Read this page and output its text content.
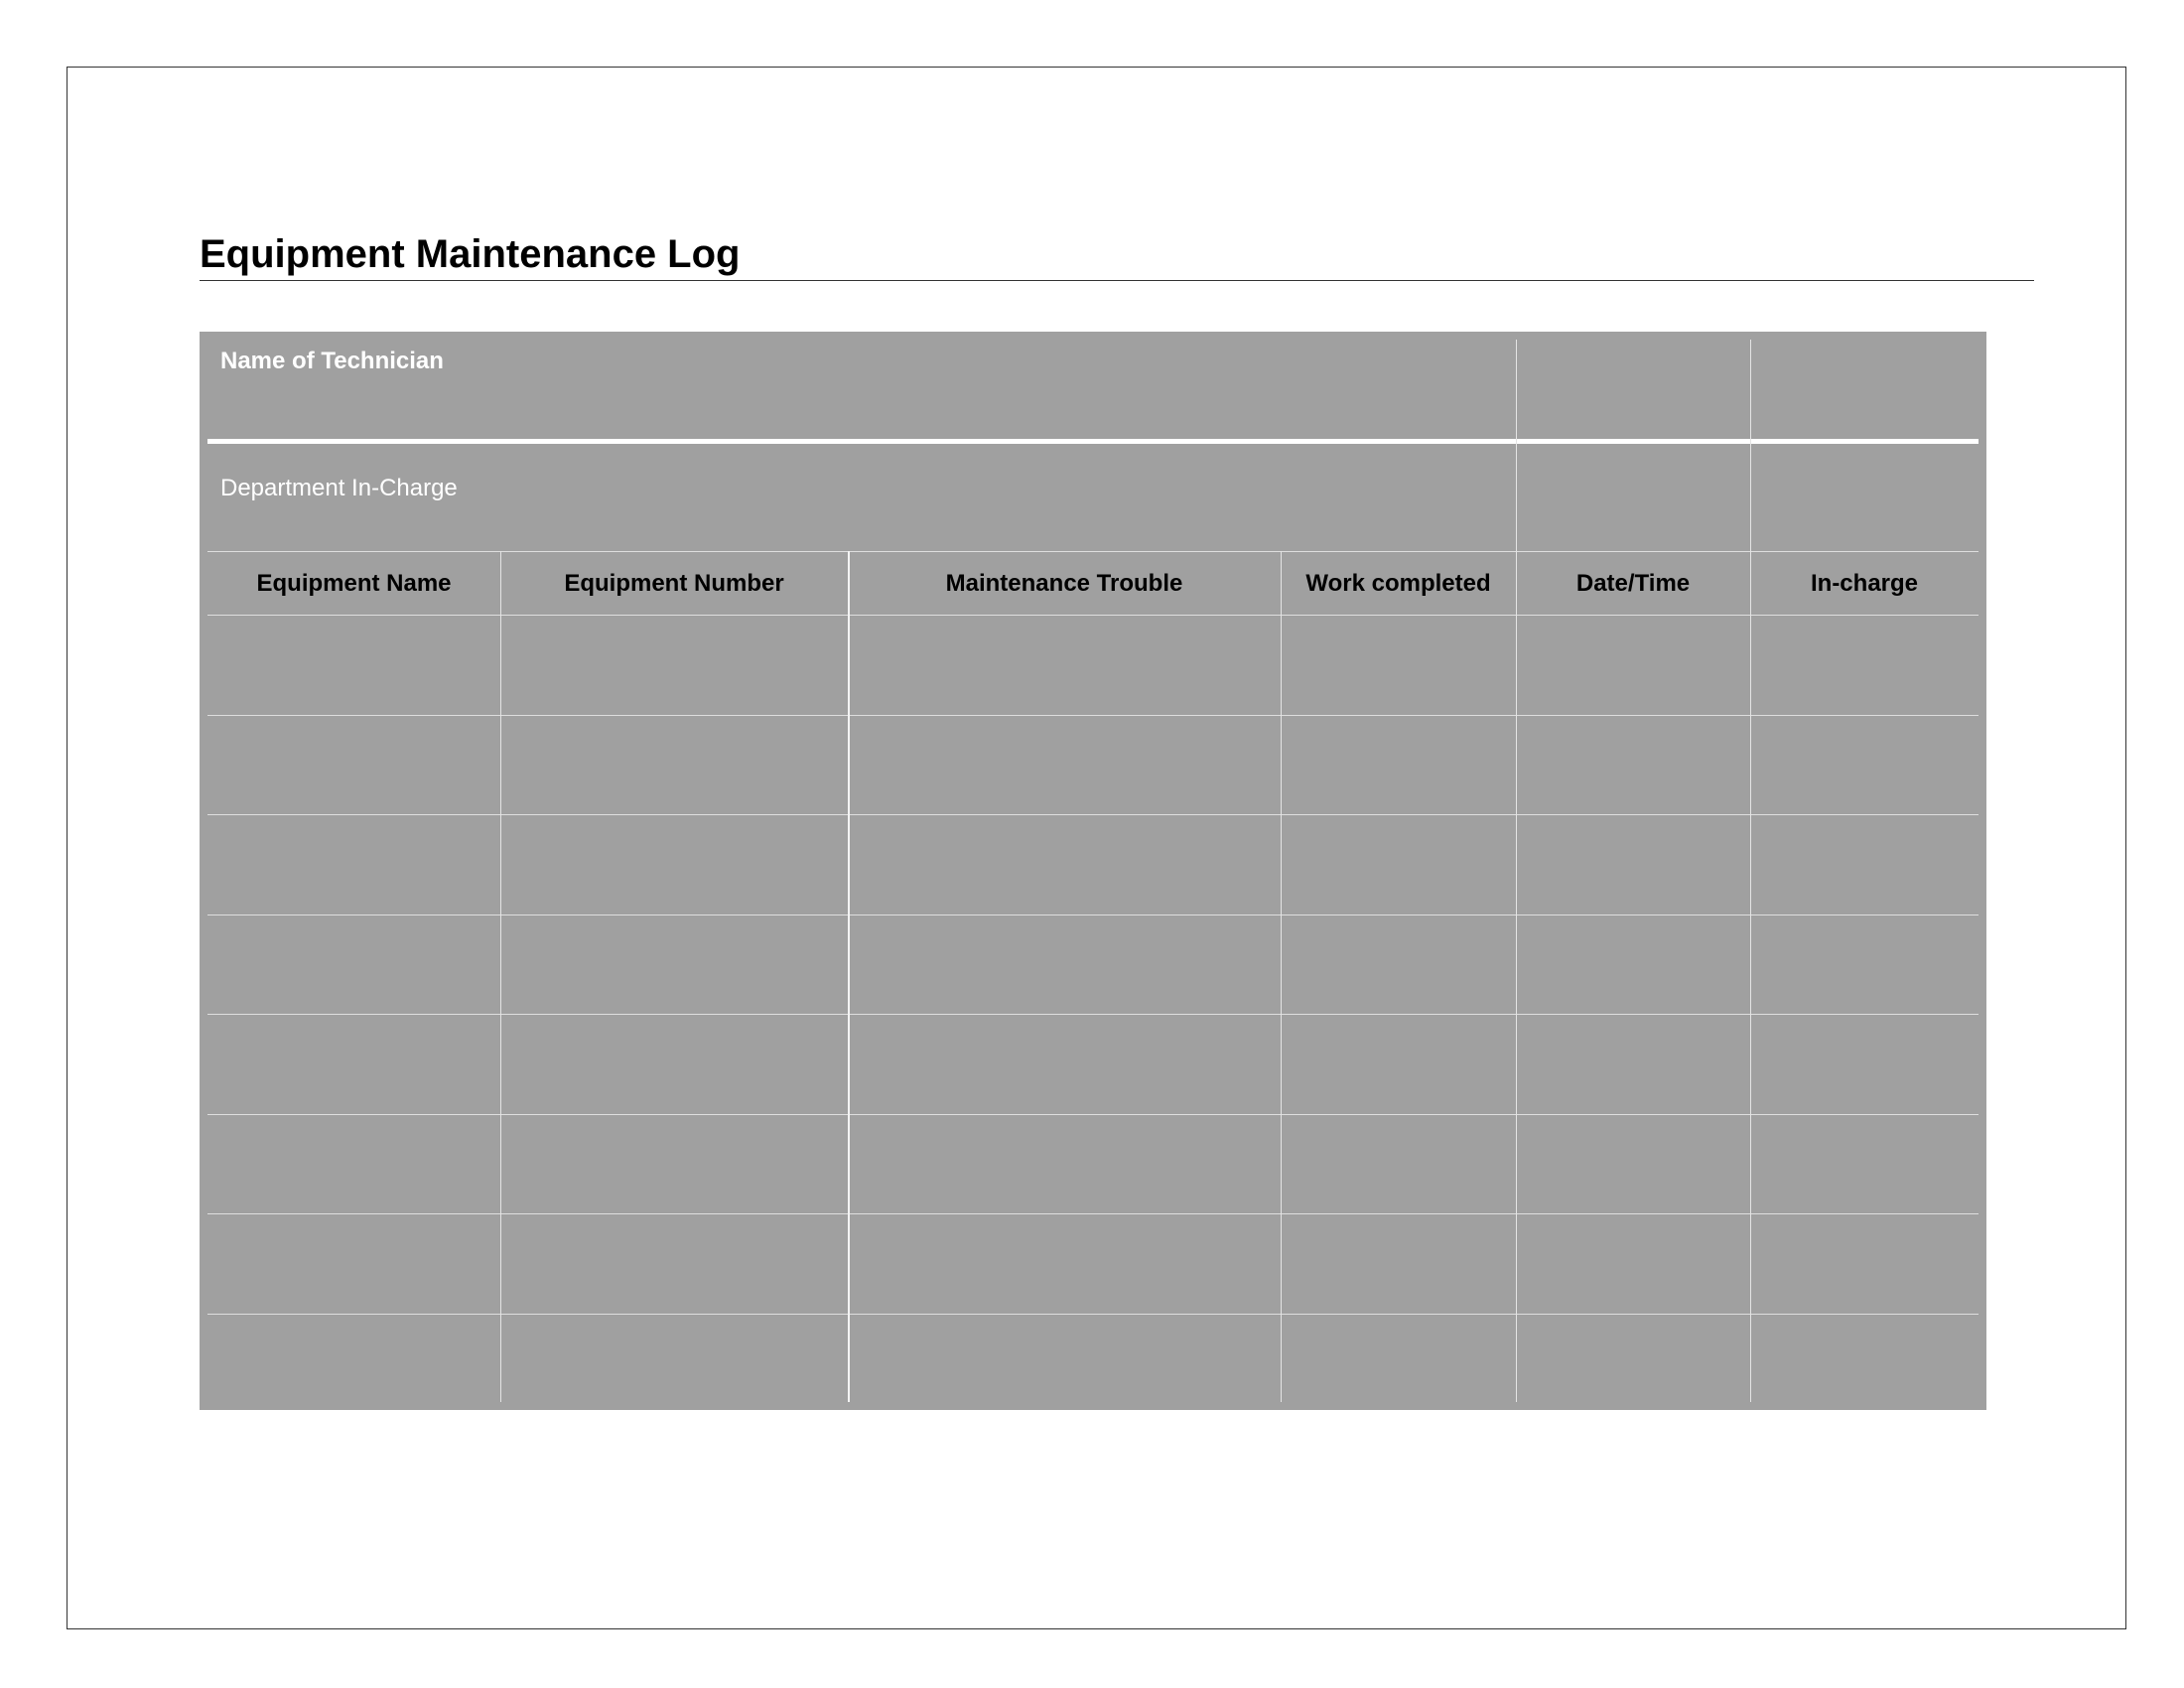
Equipment Maintenance Log
Name of Technician
Department In-Charge
Equipment Name	Equipment Number	Maintenance Trouble	Work completed	Date/Time	In-charge
